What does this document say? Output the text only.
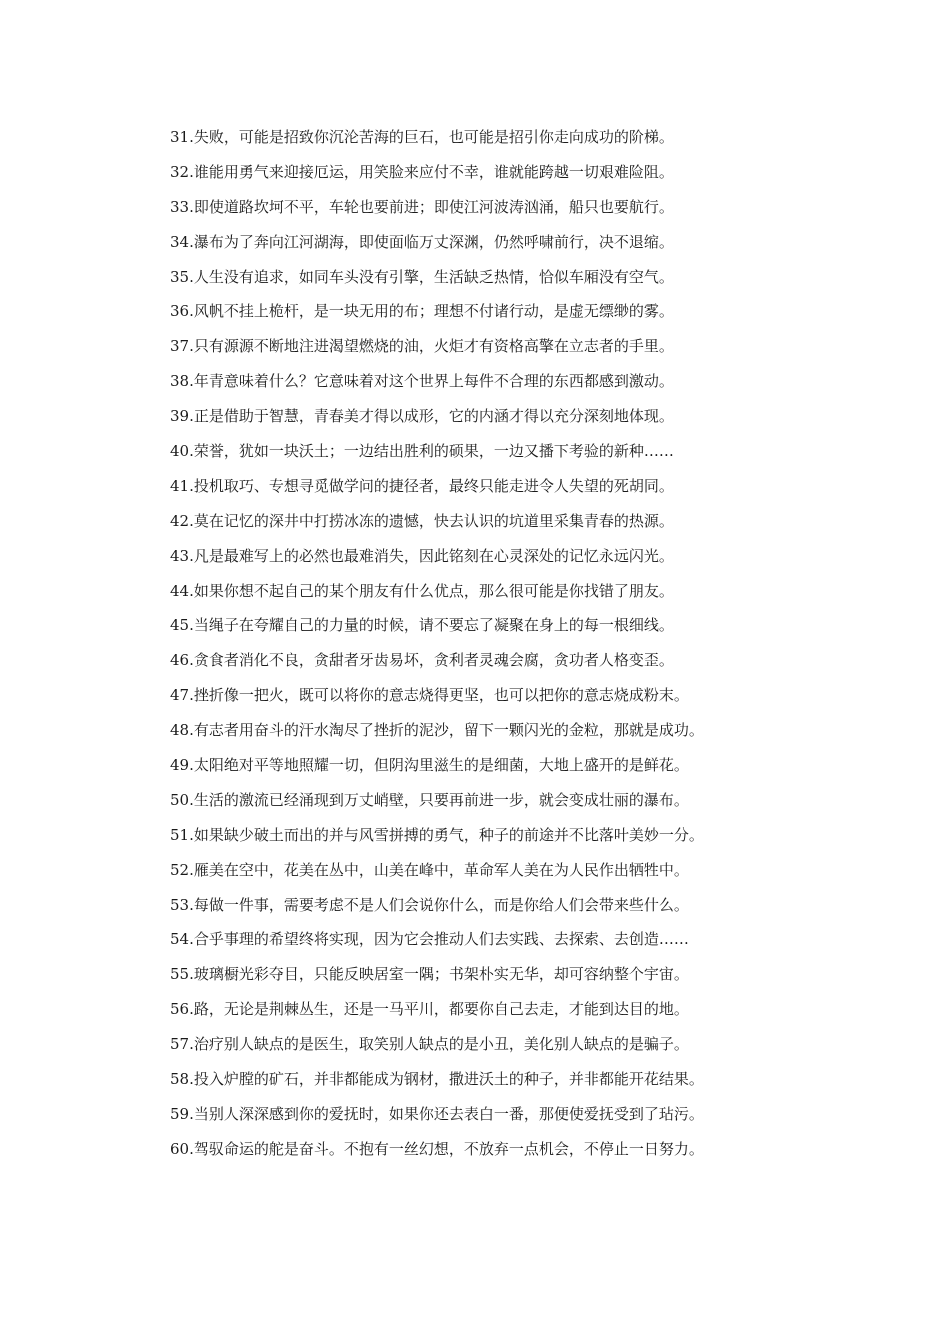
31.失败，可能是招致你沉沦苦海的巨石，也可能是招引你走向成功的阶梯。
32.谁能用勇气来迎接厄运，用笑脸来应付不幸，谁就能跨越一切艰难险阻。
33.即使道路坎坷不平，车轮也要前进；即使江河波涛汹涌，船只也要航行。
34.瀑布为了奔向江河湖海，即使面临万丈深渊，仍然呼啸前行，决不退缩。
35.人生没有追求，如同车头没有引擎，生活缺乏热情，恰似车厢没有空气。
36.风帆不挂上桅杆，是一块无用的布；理想不付诸行动，是虚无缥缈的雾。
37.只有源源不断地注进渴望燃烧的油，火炬才有资格高擎在立志者的手里。
38.年青意味着什么？它意味着对这个世界上每件不合理的东西都感到激动。
39.正是借助于智慧，青春美才得以成形，它的内涵才得以充分深刻地体现。
40.荣誉，犹如一块沃土；一边结出胜利的硕果，一边又播下考验的新种……
41.投机取巧、专想寻觅做学问的捷径者，最终只能走进令人失望的死胡同。
42.莫在记忆的深井中打捞冰冻的遗憾，快去认识的坑道里采集青春的热源。
43.凡是最难写上的必然也最难消失，因此铭刻在心灵深处的记忆永远闪光。
44.如果你想不起自己的某个朋友有什么优点，那么很可能是你找错了朋友。
45.当绳子在夸耀自己的力量的时候，请不要忘了凝聚在身上的每一根细线。
46.贪食者消化不良，贪甜者牙齿易坏，贪利者灵魂会腐，贪功者人格变歪。
47.挫折像一把火，既可以将你的意志烧得更坚，也可以把你的意志烧成粉末。
48.有志者用奋斗的汗水淘尽了挫折的泥沙，留下一颗闪光的金粒，那就是成功。
49.太阳绝对平等地照耀一切，但阴沟里滋生的是细菌，大地上盛开的是鲜花。
50.生活的激流已经涌现到万丈峭壁，只要再前进一步，就会变成壮丽的瀑布。
51.如果缺少破土而出的并与风雪拼搏的勇气，种子的前途并不比落叶美妙一分。
52.雁美在空中，花美在丛中，山美在峰中，革命军人美在为人民作出牺牲中。
53.每做一件事，需要考虑不是人们会说你什么，而是你给人们会带来些什么。
54.合乎事理的希望终将实现，因为它会推动人们去实践、去探索、去创造……
55.玻璃橱光彩夺目，只能反映居室一隅；书架朴实无华，却可容纳整个宇宙。
56.路，无论是荆棘丛生，还是一马平川，都要你自己去走，才能到达目的地。
57.治疗别人缺点的是医生，取笑别人缺点的是小丑，美化别人缺点的是骗子。
58.投入炉膛的矿石，并非都能成为钢材，撒进沃土的种子，并非都能开花结果。
59.当别人深深感到你的爱抚时，如果你还去表白一番，那便使爱抚受到了玷污。
60.驾驭命运的舵是奋斗。不抱有一丝幻想，不放弃一点机会，不停止一日努力。
